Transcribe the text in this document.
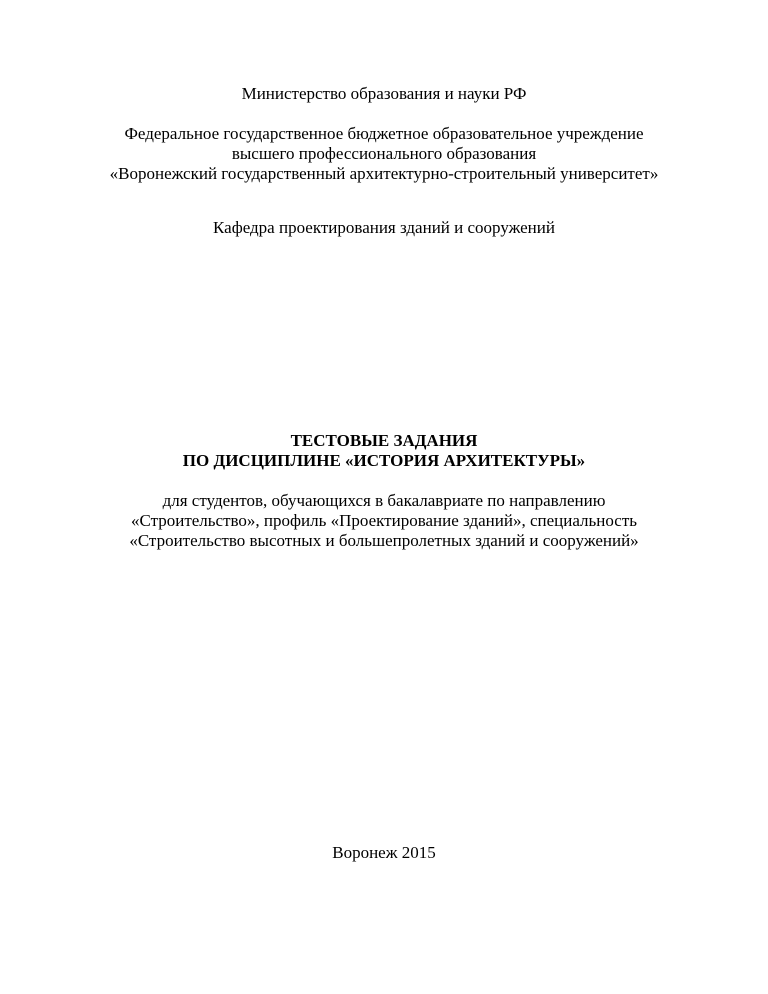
Министерство образования и науки РФ
Федеральное государственное бюджетное образовательное учреждение
высшего профессионального образования
«Воронежский государственный архитектурно-строительный университет»
Кафедра проектирования зданий и сооружений
ТЕСТОВЫЕ ЗАДАНИЯ
ПО ДИСЦИПЛИНЕ «ИСТОРИЯ АРХИТЕКТУРЫ»
для студентов, обучающихся в бакалавриате по направлению
«Строительство», профиль «Проектирование зданий», специальность
«Строительство высотных и большепролетных зданий и сооружений»
Воронеж 2015
